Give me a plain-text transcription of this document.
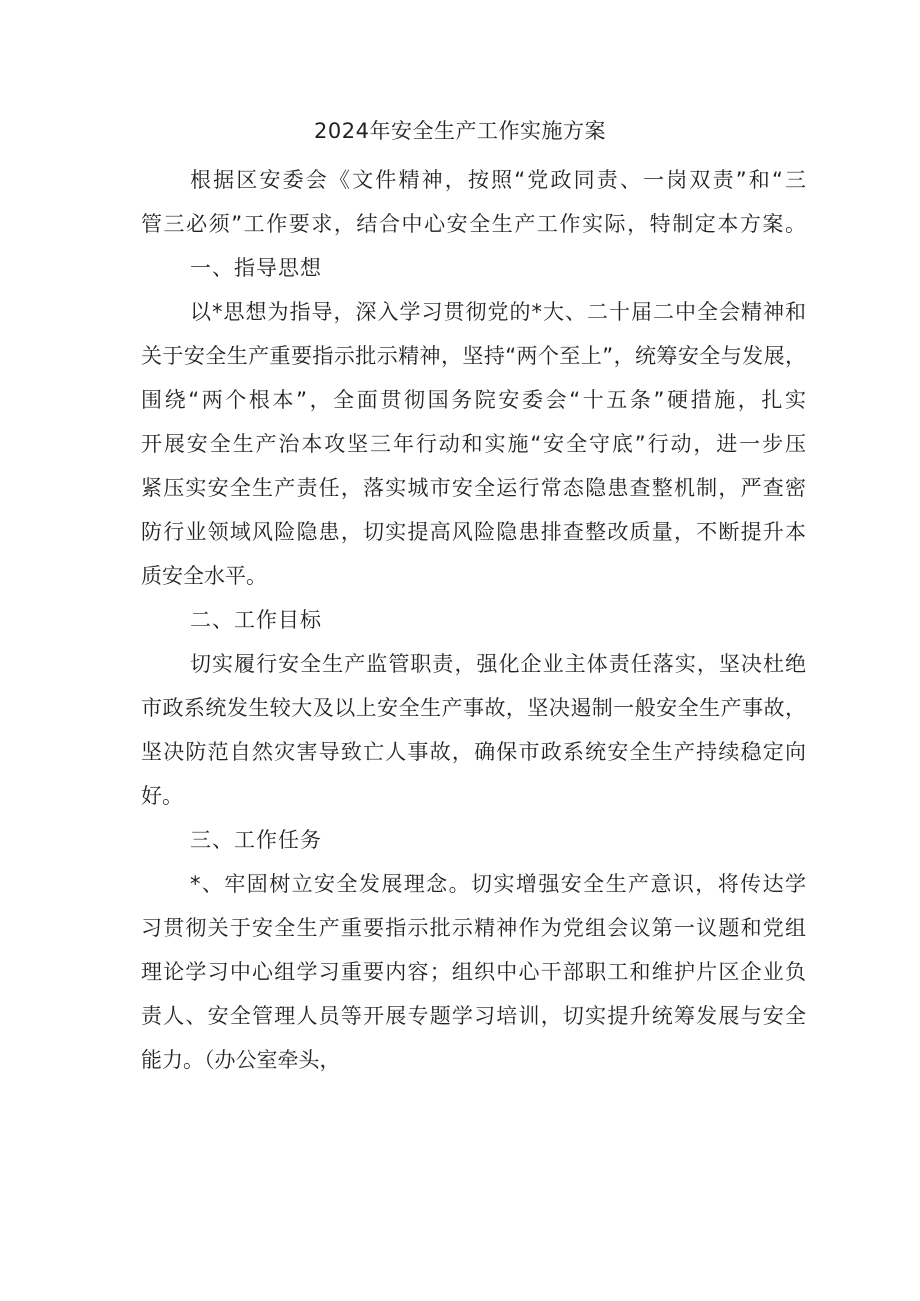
2024年安全生产工作实施方案
根据区安委会《文件精神，按照“党政同责、一岗双责”和“三
管三必须”工作要求，结合中心安全生产工作实际，特制定本方案。
一、指导思想
以*思想为指导，深入学习贯彻党的*大、二十届二中全会精神和
关于安全生产重要指示批示精神，坚持“两个至上”，统筹安全与发展，
围绕“两个根本”，全面贯彻国务院安委会“十五条”硬措施，扎实
开展安全生产治本攻坚三年行动和实施“安全守底”行动，进一步压
紧压实安全生产责任，落实城市安全运行常态隐患查整机制，严查密
防行业领域风险隐患，切实提高风险隐患排查整改质量，不断提升本
质安全水平。
二、工作目标
切实履行安全生产监管职责，强化企业主体责任落实，坚决杜绝
市政系统发生较大及以上安全生产事故，坚决遏制一般安全生产事故，
坚决防范自然灾害导致亡人事故，确保市政系统安全生产持续稳定向
好。
三、工作任务
*、牢固树立安全发展理念。切实增强安全生产意识，将传达学
习贯彻关于安全生产重要指示批示精神作为党组会议第一议题和党组
理论学习中心组学习重要内容；组织中心干部职工和维护片区企业负
责人、安全管理人员等开展专题学习培训，切实提升统筹发展与安全
能力。（办公室牵头，
